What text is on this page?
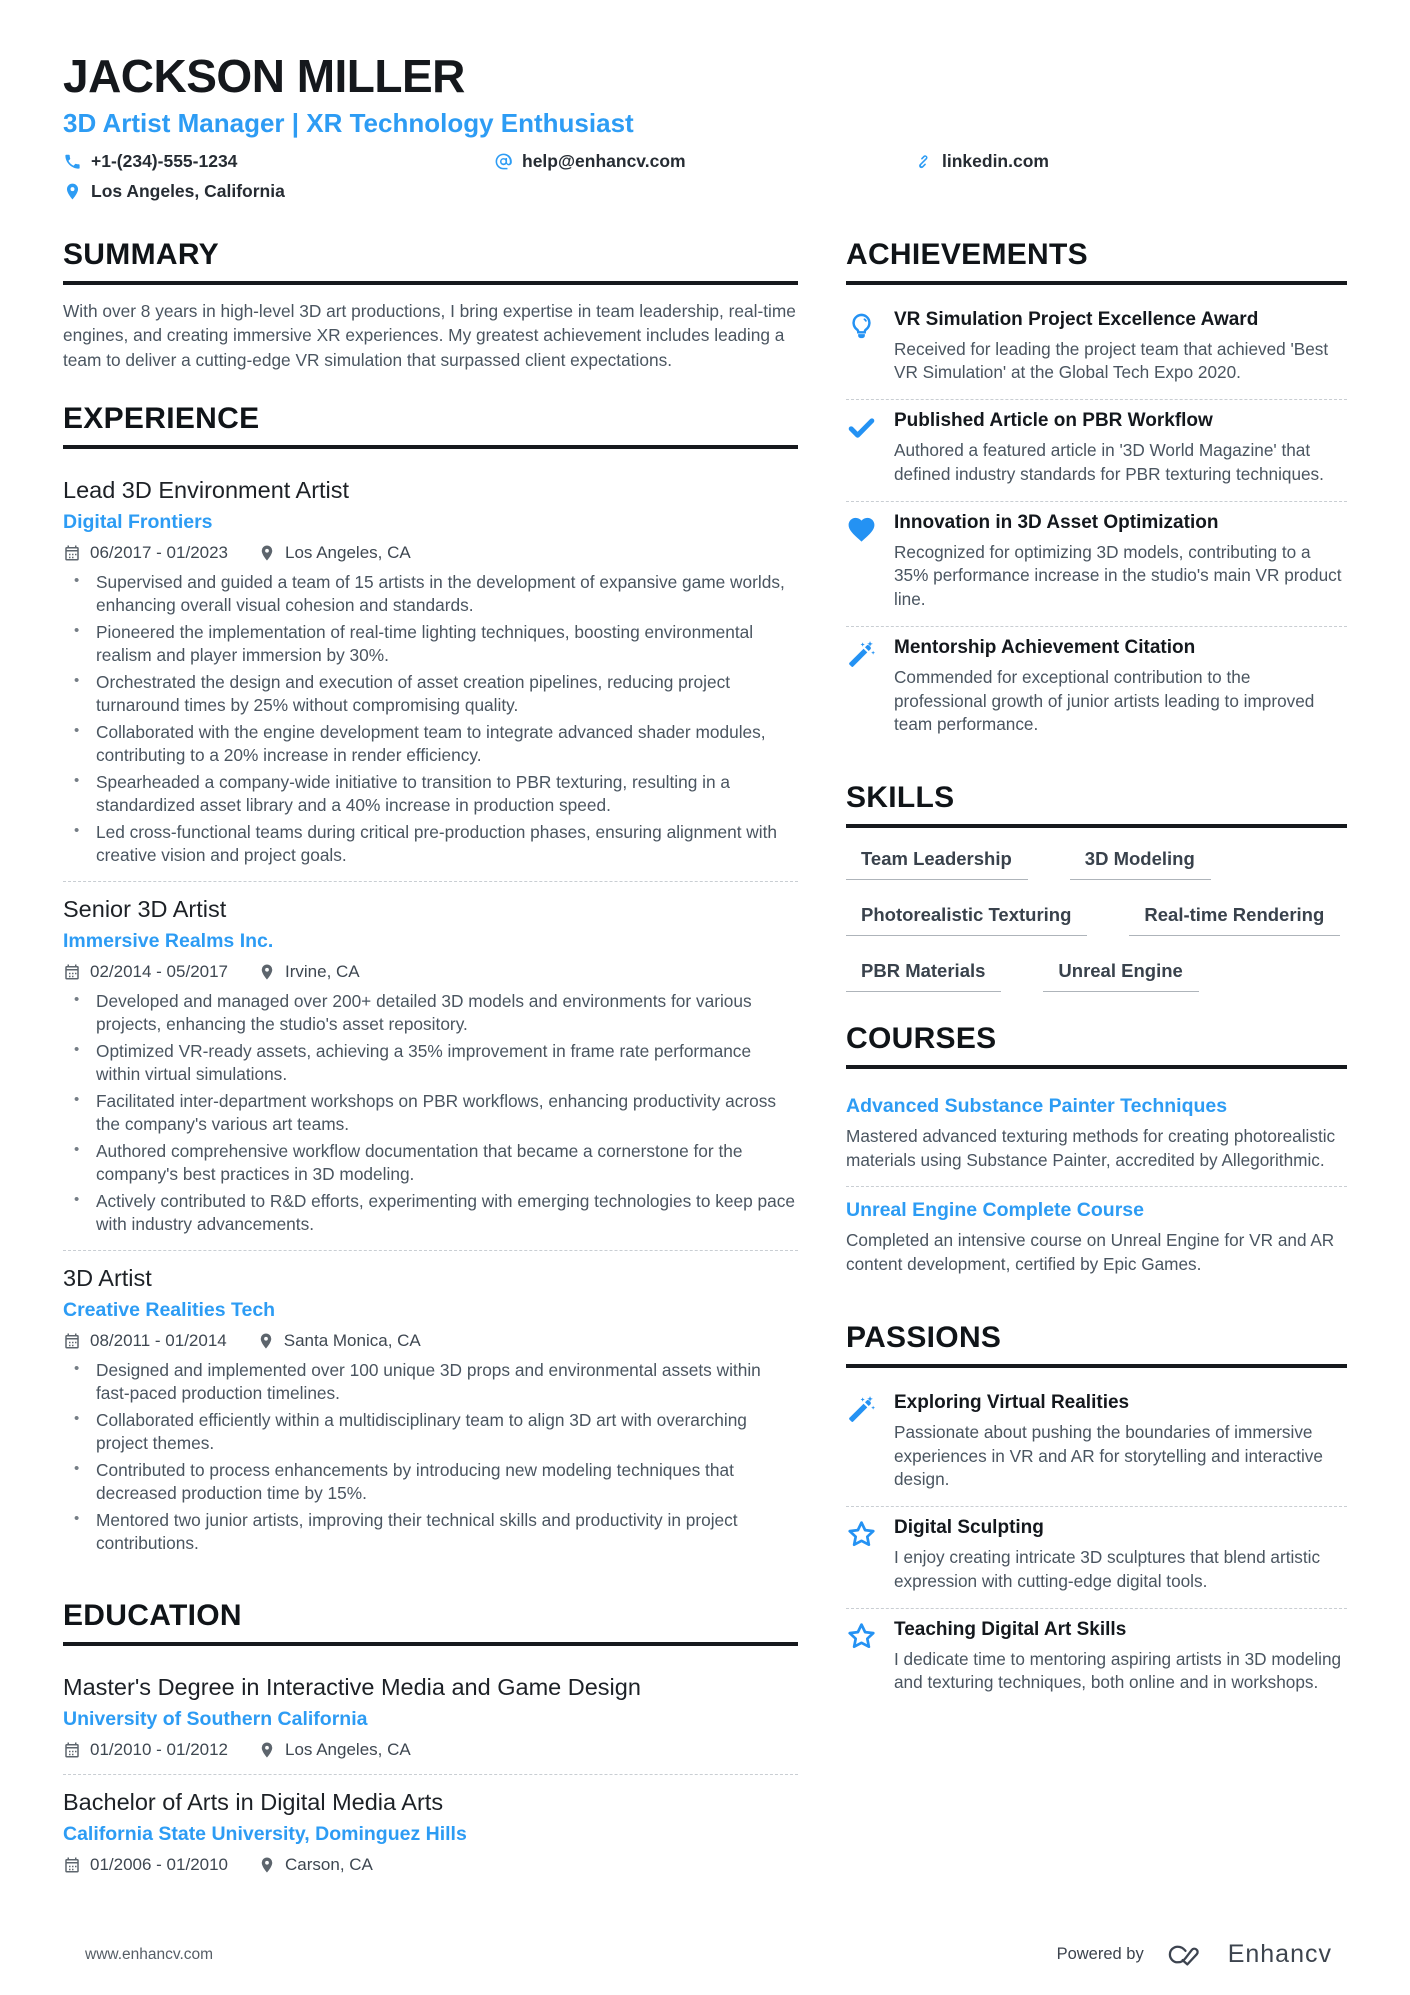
JACKSON MILLER
3D Artist Manager | XR Technology Enthusiast
+1-(234)-555-1234	help@enhancv.com	linkedin.com
Los Angeles, California
SUMMARY
With over 8 years in high-level 3D art productions, I bring expertise in team leadership, real-time engines, and creating immersive XR experiences. My greatest achievement includes leading a team to deliver a cutting-edge VR simulation that surpassed client expectations.
EXPERIENCE
Lead 3D Environment Artist
Digital Frontiers
06/2017 - 01/2023	Los Angeles, CA
• Supervised and guided a team of 15 artists in the development of expansive game worlds, enhancing overall visual cohesion and standards.
• Pioneered the implementation of real-time lighting techniques, boosting environmental realism and player immersion by 30%.
• Orchestrated the design and execution of asset creation pipelines, reducing project turnaround times by 25% without compromising quality.
• Collaborated with the engine development team to integrate advanced shader modules, contributing to a 20% increase in render efficiency.
• Spearheaded a company-wide initiative to transition to PBR texturing, resulting in a standardized asset library and a 40% increase in production speed.
• Led cross-functional teams during critical pre-production phases, ensuring alignment with creative vision and project goals.
Senior 3D Artist
Immersive Realms Inc.
02/2014 - 05/2017	Irvine, CA
• Developed and managed over 200+ detailed 3D models and environments for various projects, enhancing the studio's asset repository.
• Optimized VR-ready assets, achieving a 35% improvement in frame rate performance within virtual simulations.
• Facilitated inter-department workshops on PBR workflows, enhancing productivity across the company's various art teams.
• Authored comprehensive workflow documentation that became a cornerstone for the company's best practices in 3D modeling.
• Actively contributed to R&D efforts, experimenting with emerging technologies to keep pace with industry advancements.
3D Artist
Creative Realities Tech
08/2011 - 01/2014	Santa Monica, CA
• Designed and implemented over 100 unique 3D props and environmental assets within fast-paced production timelines.
• Collaborated efficiently within a multidisciplinary team to align 3D art with overarching project themes.
• Contributed to process enhancements by introducing new modeling techniques that decreased production time by 15%.
• Mentored two junior artists, improving their technical skills and productivity in project contributions.
EDUCATION
Master's Degree in Interactive Media and Game Design
University of Southern California
01/2010 - 01/2012	Los Angeles, CA
Bachelor of Arts in Digital Media Arts
California State University, Dominguez Hills
01/2006 - 01/2010	Carson, CA
ACHIEVEMENTS
VR Simulation Project Excellence Award
Received for leading the project team that achieved 'Best VR Simulation' at the Global Tech Expo 2020.
Published Article on PBR Workflow
Authored a featured article in '3D World Magazine' that defined industry standards for PBR texturing techniques.
Innovation in 3D Asset Optimization
Recognized for optimizing 3D models, contributing to a 35% performance increase in the studio's main VR product line.
Mentorship Achievement Citation
Commended for exceptional contribution to the professional growth of junior artists leading to improved team performance.
SKILLS
Team Leadership	3D Modeling
Photorealistic Texturing	Real-time Rendering
PBR Materials	Unreal Engine
COURSES
Advanced Substance Painter Techniques
Mastered advanced texturing methods for creating photorealistic materials using Substance Painter, accredited by Allegorithmic.
Unreal Engine Complete Course
Completed an intensive course on Unreal Engine for VR and AR content development, certified by Epic Games.
PASSIONS
Exploring Virtual Realities
Passionate about pushing the boundaries of immersive experiences in VR and AR for storytelling and interactive design.
Digital Sculpting
I enjoy creating intricate 3D sculptures that blend artistic expression with cutting-edge digital tools.
Teaching Digital Art Skills
I dedicate time to mentoring aspiring artists in 3D modeling and texturing techniques, both online and in workshops.
www.enhancv.com	Powered by	Enhancv
